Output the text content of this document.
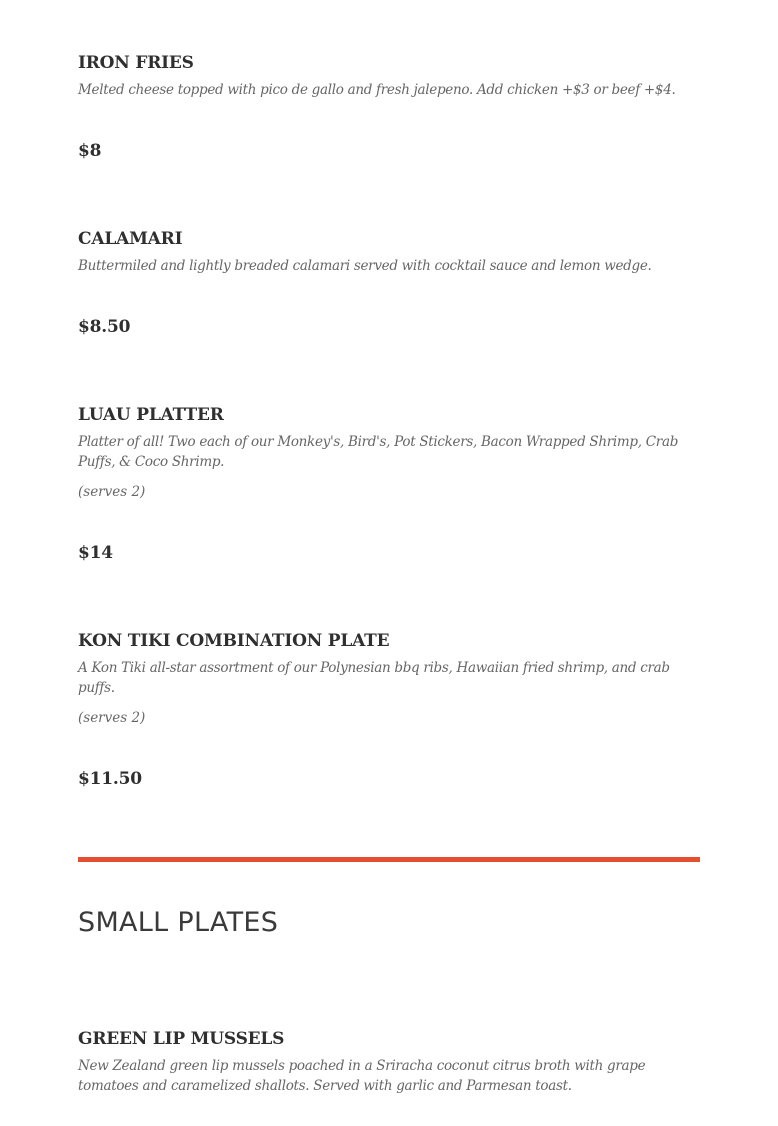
IRON FRIES

Melted cheese topped with pico de gallo and fresh jalepeno. Add chicken +$3 or beef +$4.

$8
CALAMARI

Buttermiled and lightly breaded calamari served with cocktail sauce and lemon wedge.

$8.50
LUAU PLATTER

Platter of all! Two each of our Monkey's, Bird's, Pot Stickers, Bacon Wrapped Shrimp, Crab Puffs, & Coco Shrimp.

(serves 2)

$14
KON TIKI COMBINATION PLATE

A Kon Tiki all-star assortment of our Polynesian bbq ribs, Hawaiian fried shrimp, and crab puffs.

(serves 2)

$11.50
SMALL PLATES
GREEN LIP MUSSELS

New Zealand green lip mussels poached in a Sriracha coconut citrus broth with grape tomatoes and caramelized shallots. Served with garlic and Parmesan toast.
